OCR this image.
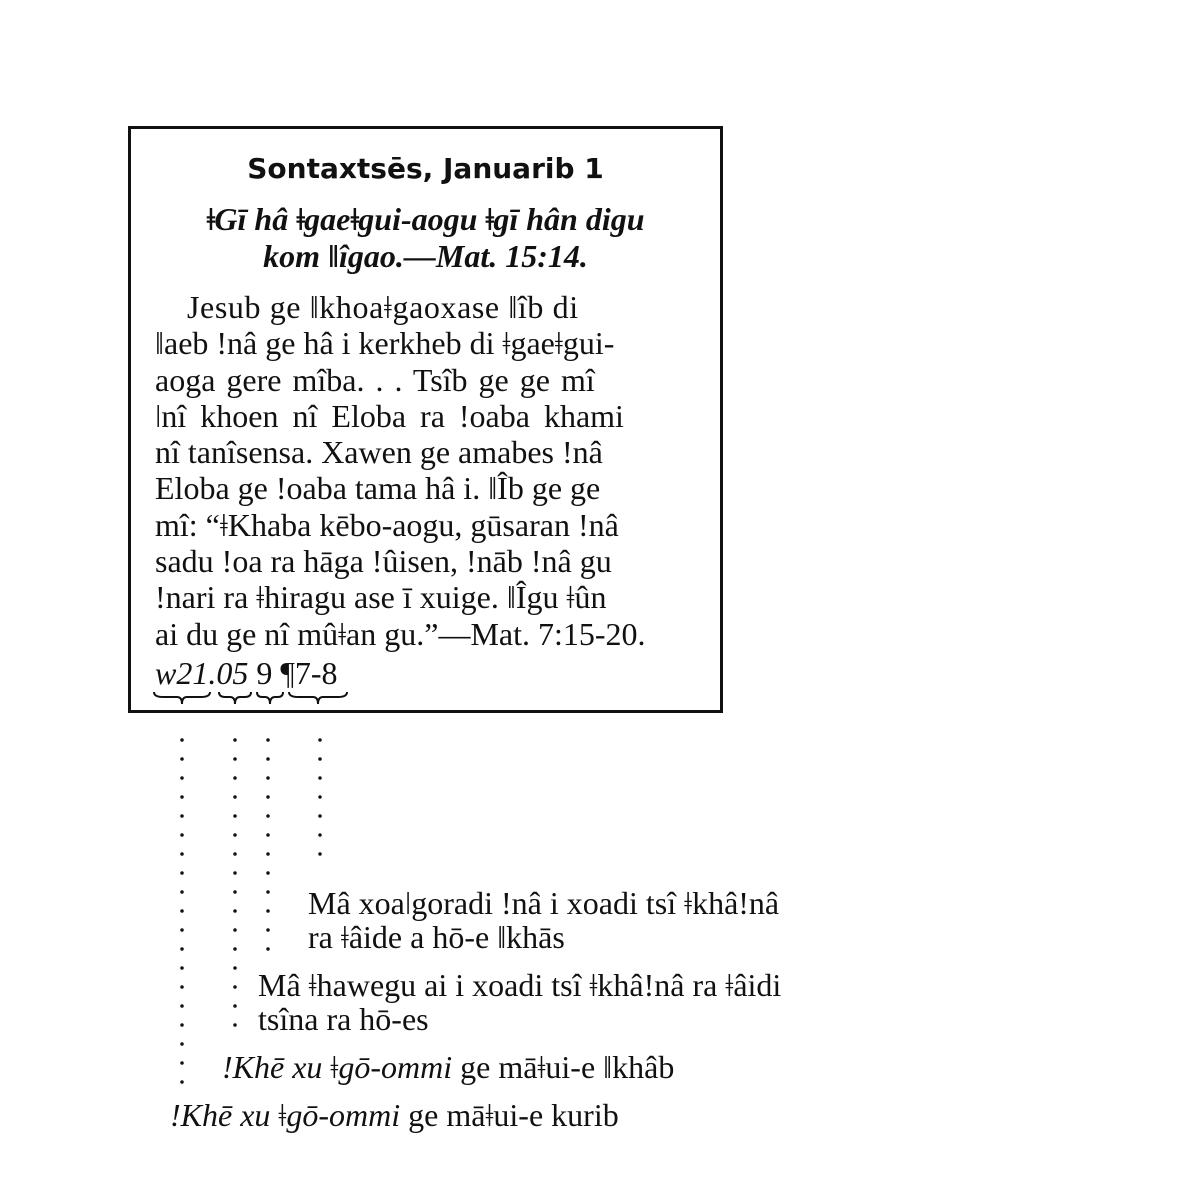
Sontaxtsēs, Januarib 1
ǂGī hâ ǂgaeǂgui-aogu ǂgī hân digu
kom ǁîgao.—Mat. 15:14.
Jesub ge ǁkhoaǂgaoxase ǁîb di
ǁaeb ǃnâ ge hâ i kerkheb di ǂgaeǂgui-
aoga gere mîba. . . Tsîb ge ge mî
ǀnî khoen nî Eloba ra ǃoaba khami
nî tanîsensa. Xawen ge amabes ǃnâ
Eloba ge ǃoaba tama hâ i. ǁÎb ge ge
mî: “ǂKhaba kēbo-aogu, gūsaran ǃnâ
sadu ǃoa ra hāga ǃûisen, ǃnāb ǃnâ gu
ǃnari ra ǂhiragu ase ī xuige. ǁÎgu ǂûn
ai du ge nî mûǂan gu.”—Mat. 7:15-20.
w21.05 9 ¶7-8
Mâ xoaǀgoradi ǃnâ i xoadi tsî ǂkhâǃnâ
ra ǂâide a hō-e ǁkhās
Mâ ǂhawegu ai i xoadi tsî ǂkhâǃnâ ra ǂâidi
tsîna ra hō-es
ǃKhē xu ǂgō-ommi ge māǂui-e ǁkhâb
ǃKhē xu ǂgō-ommi ge māǂui-e kurib
